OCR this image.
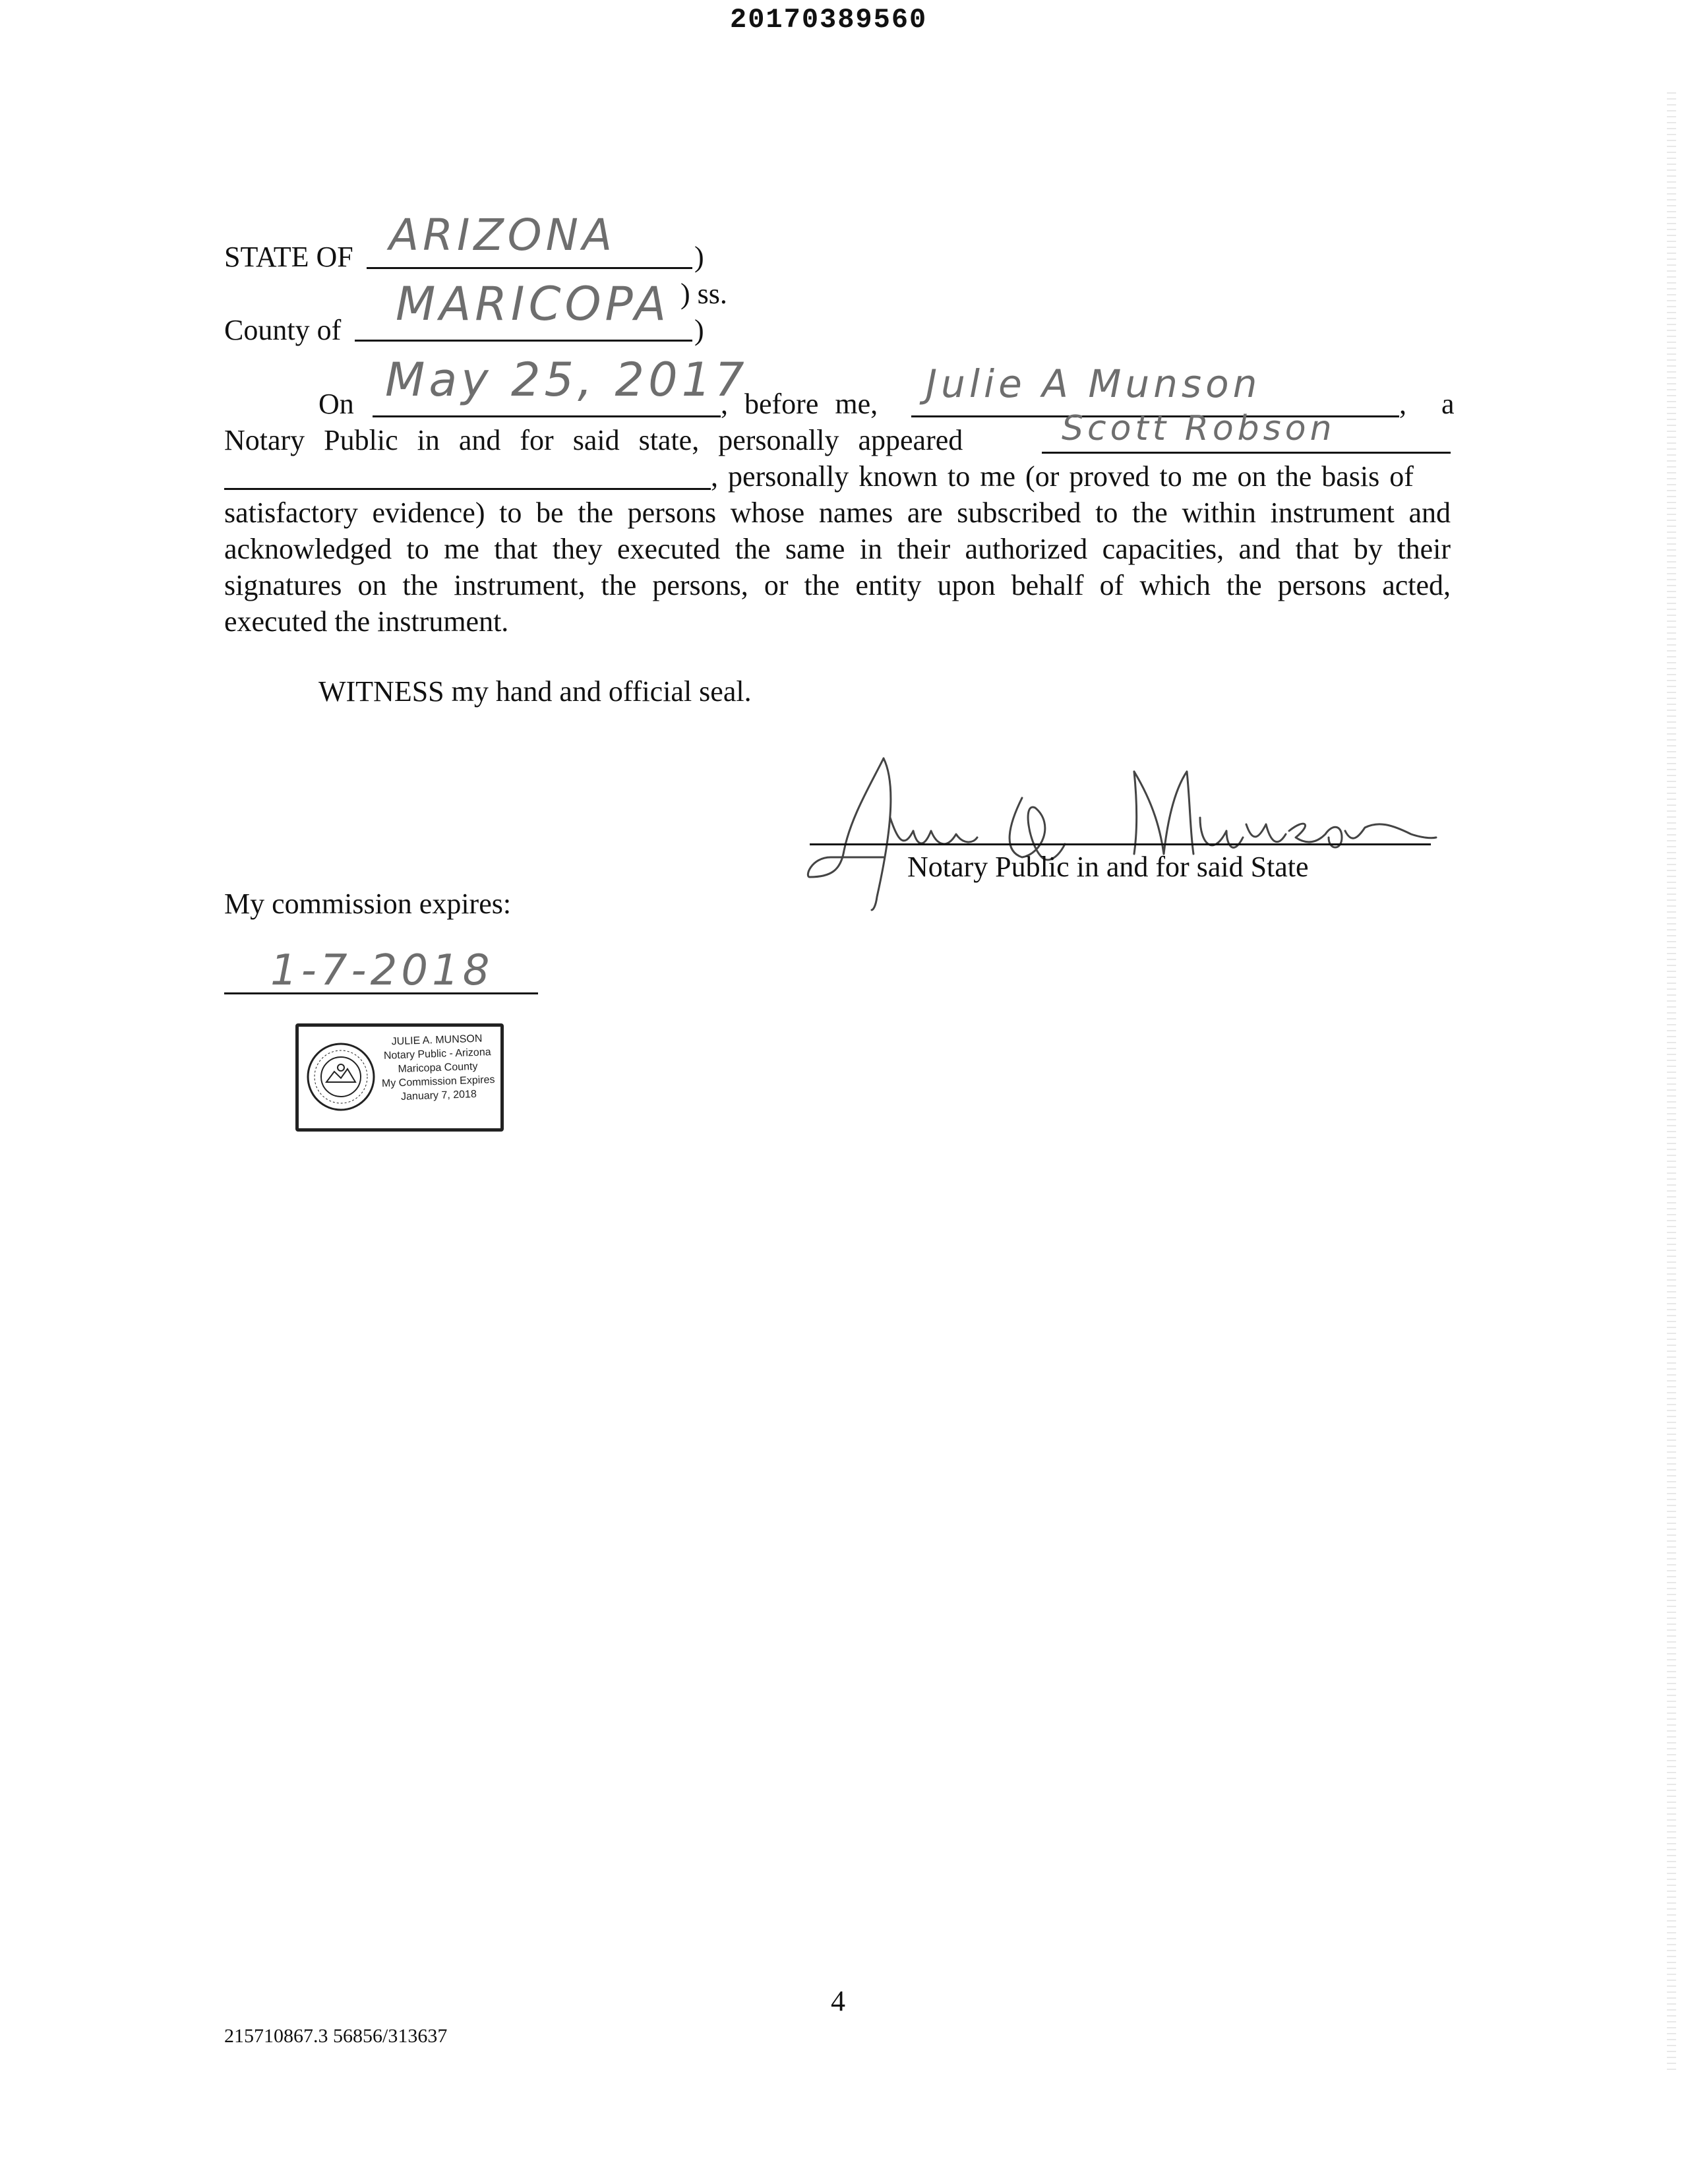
20170389560
STATE OF ARIZONA	)
) ss.
County of MARICOPA )
On May 25, 2017
, before me, Julie A Munson	, a
Notary Public in and for said state, personally appeared	Scott Robson
, personally known to me (or proved to me on the basis of
satisfactory evidence) to be the persons whose names are subscribed to the within instrument and
acknowledged to me that they executed the same in their authorized capacities, and that by their
signatures on the instrument, the persons, or the entity upon behalf of which the persons acted,
executed the instrument.
WITNESS my hand and official seal.
Notary Public in and for said State
My commission expires:
1-7-2018
JULIE A. MUNSON
Notary Public - Arizona
Maricopa County
My Commission Expires
January 7, 2018
4
215710867.3 56856/313637
